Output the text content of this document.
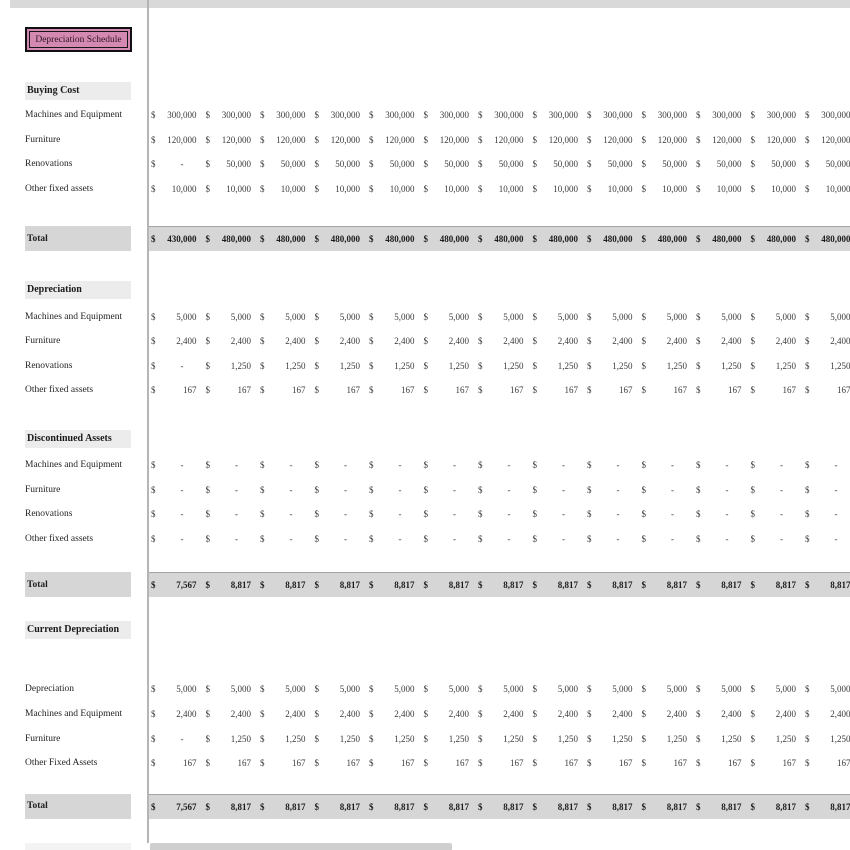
Depreciation Schedule
Buying Cost
Machines and Equipment	$ 300,000 $ 300,000 $ 300,000 $ 300,000 $ 300,000 $ 300,000 $ 300,000 $ 300,000 $ 300,000 $ 300,000 $ 300,000 $ 300,000 $ 300,000
Furniture	$ 120,000 $ 120,000 $ 120,000 $ 120,000 $ 120,000 $ 120,000 $ 120,000 $ 120,000 $ 120,000 $ 120,000 $ 120,000 $ 120,000 $ 120,000
Renovations	$	-	$ 50,000 $ 50,000 $ 50,000 $ 50,000 $ 50,000 $ 50,000 $ 50,000 $ 50,000 $ 50,000 $ 50,000 $ 50,000 $ 50,000
Other fixed assets	$ 10,000 $ 10,000 $ 10,000 $ 10,000 $ 10,000 $ 10,000 $ 10,000 $ 10,000 $ 10,000 $ 10,000 $ 10,000 $ 10,000 $ 10,000
Total	$ 430,000 $ 480,000 $ 480,000 $ 480,000 $ 480,000 $ 480,000 $ 480,000 $ 480,000 $ 480,000 $ 480,000 $ 480,000 $ 480,000 $ 480,000
Depreciation
Machines and Equipment	$ 5,000 $ 5,000 $ 5,000 $ 5,000 $ 5,000 $ 5,000 $ 5,000 $ 5,000 $ 5,000 $ 5,000 $ 5,000 $ 5,000 $ 5,000
Furniture	$ 2,400 $ 2,400 $ 2,400 $ 2,400 $ 2,400 $ 2,400 $ 2,400 $ 2,400 $ 2,400 $ 2,400 $ 2,400 $ 2,400 $ 2,400
Renovations	$	-	$ 1,250 $ 1,250 $ 1,250 $ 1,250 $ 1,250 $ 1,250 $ 1,250 $ 1,250 $ 1,250 $ 1,250 $ 1,250 $ 1,250
Other fixed assets	$	167 $	167 $	167 $	167 $	167 $	167 $	167 $	167 $	167 $	167 $	167 $	167 $	167
Discontinued Assets
Machines and Equipment	$	-	$	-	$	-	$	-	$	-	$	-	$	-	$	-	$	-	$	-	$	-	$	-	$	-
Furniture	$	-	$	-	$	-	$	-	$	-	$	-	$	-	$	-	$	-	$	-	$	-	$	-	$	-
Renovations	$	-	$	-	$	-	$	-	$	-	$	-	$	-	$	-	$	-	$	-	$	-	$	-	$	-
Other fixed assets	$	-	$	-	$	-	$	-	$	-	$	-	$	-	$	-	$	-	$	-	$	-	$	-	$	-
Total	$ 7,567 $ 8,817 $ 8,817 $ 8,817 $ 8,817 $ 8,817 $ 8,817 $ 8,817 $ 8,817 $ 8,817 $ 8,817 $ 8,817 $ 8,817
Current Depreciation
Depreciation	$ 5,000 $ 5,000 $ 5,000 $ 5,000 $ 5,000 $ 5,000 $ 5,000 $ 5,000 $ 5,000 $ 5,000 $ 5,000 $ 5,000 $ 5,000
Machines and Equipment	$ 2,400 $ 2,400 $ 2,400 $ 2,400 $ 2,400 $ 2,400 $ 2,400 $ 2,400 $ 2,400 $ 2,400 $ 2,400 $ 2,400 $ 2,400
Furniture	$	-	$ 1,250 $ 1,250 $ 1,250 $ 1,250 $ 1,250 $ 1,250 $ 1,250 $ 1,250 $ 1,250 $ 1,250 $ 1,250 $ 1,250
Other Fixed Assets	$	167 $	167 $	167 $	167 $	167 $	167 $	167 $	167 $	167 $	167 $	167 $	167 $	167
Total	$ 7,567 $ 8,817 $ 8,817 $ 8,817 $ 8,817 $ 8,817 $ 8,817 $ 8,817 $ 8,817 $ 8,817 $ 8,817 $ 8,817 $ 8,817
